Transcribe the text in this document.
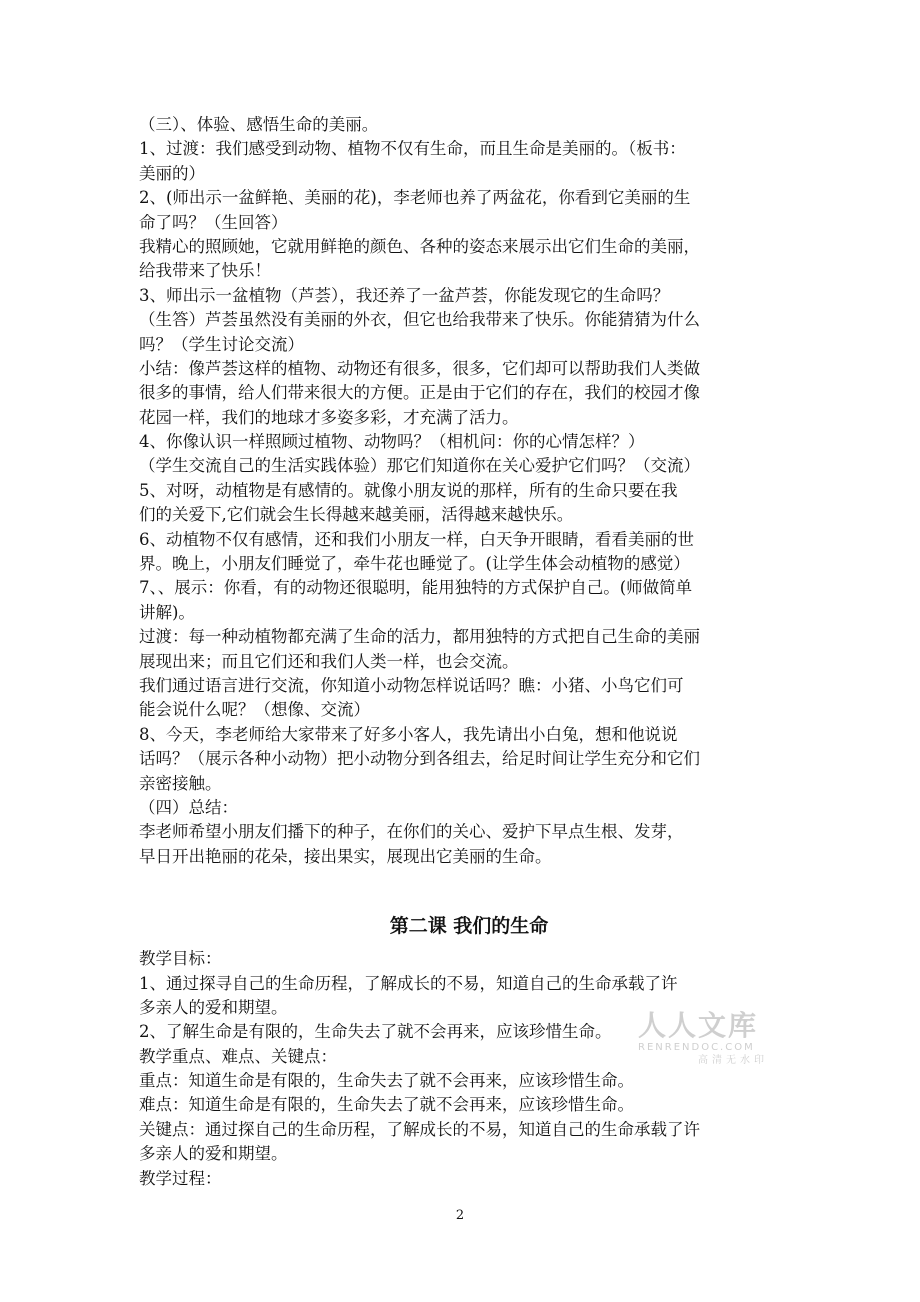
（三）、体验、感悟生命的美丽。
1、过渡：我们感受到动物、植物不仅有生命，而且生命是美丽的。（板书：
美丽的）
2、(师出示一盆鲜艳、美丽的花)，李老师也养了两盆花，你看到它美丽的生
命了吗？（生回答）
我精心的照顾她，它就用鲜艳的颜色、各种的姿态来展示出它们生命的美丽，
给我带来了快乐！
3、师出示一盆植物（芦荟），我还养了一盆芦荟，你能发现它的生命吗？
（生答）芦荟虽然没有美丽的外衣，但它也给我带来了快乐。你能猜猜为什么
吗？（学生讨论交流）
小结：像芦荟这样的植物、动物还有很多，很多，它们却可以帮助我们人类做
很多的事情，给人们带来很大的方便。正是由于它们的存在，我们的校园才像
花园一样，我们的地球才多姿多彩，才充满了活力。
4、你像认识一样照顾过植物、动物吗？（相机问：你的心情怎样？）
（学生交流自己的生活实践体验）那它们知道你在关心爱护它们吗？（交流）
5、对呀，动植物是有感情的。就像小朋友说的那样，所有的生命只要在我
们的关爱下,它们就会生长得越来越美丽，活得越来越快乐。
6、动植物不仅有感情，还和我们小朋友一样，白天争开眼睛，看看美丽的世
界。晚上，小朋友们睡觉了，牵牛花也睡觉了。(让学生体会动植物的感觉）
7、、展示：你看，有的动物还很聪明，能用独特的方式保护自己。(师做简单
讲解)。
过渡：每一种动植物都充满了生命的活力，都用独特的方式把自己生命的美丽
展现出来；而且它们还和我们人类一样，也会交流。
我们通过语言进行交流，你知道小动物怎样说话吗？瞧：小猪、小鸟它们可
能会说什么呢？（想像、交流）
8、今天，李老师给大家带来了好多小客人，我先请出小白兔，想和他说说
话吗？（展示各种小动物）把小动物分到各组去，给足时间让学生充分和它们
亲密接触。
（四）总结：
李老师希望小朋友们播下的种子，在你们的关心、爱护下早点生根、发芽，
早日开出艳丽的花朵，接出果实，展现出它美丽的生命。
第二课 我们的生命
教学目标：
1、通过探寻自己的生命历程，了解成长的不易，知道自己的生命承载了许
多亲人的爱和期望。
2、了解生命是有限的，生命失去了就不会再来，应该珍惜生命。
教学重点、难点、关键点：
重点：知道生命是有限的，生命失去了就不会再来，应该珍惜生命。
难点：知道生命是有限的，生命失去了就不会再来，应该珍惜生命。
关键点：通过探自己的生命历程，了解成长的不易，知道自己的生命承载了许
多亲人的爱和期望。
教学过程：
人人文库
RENRENDOC.COM
高清无水印
2
